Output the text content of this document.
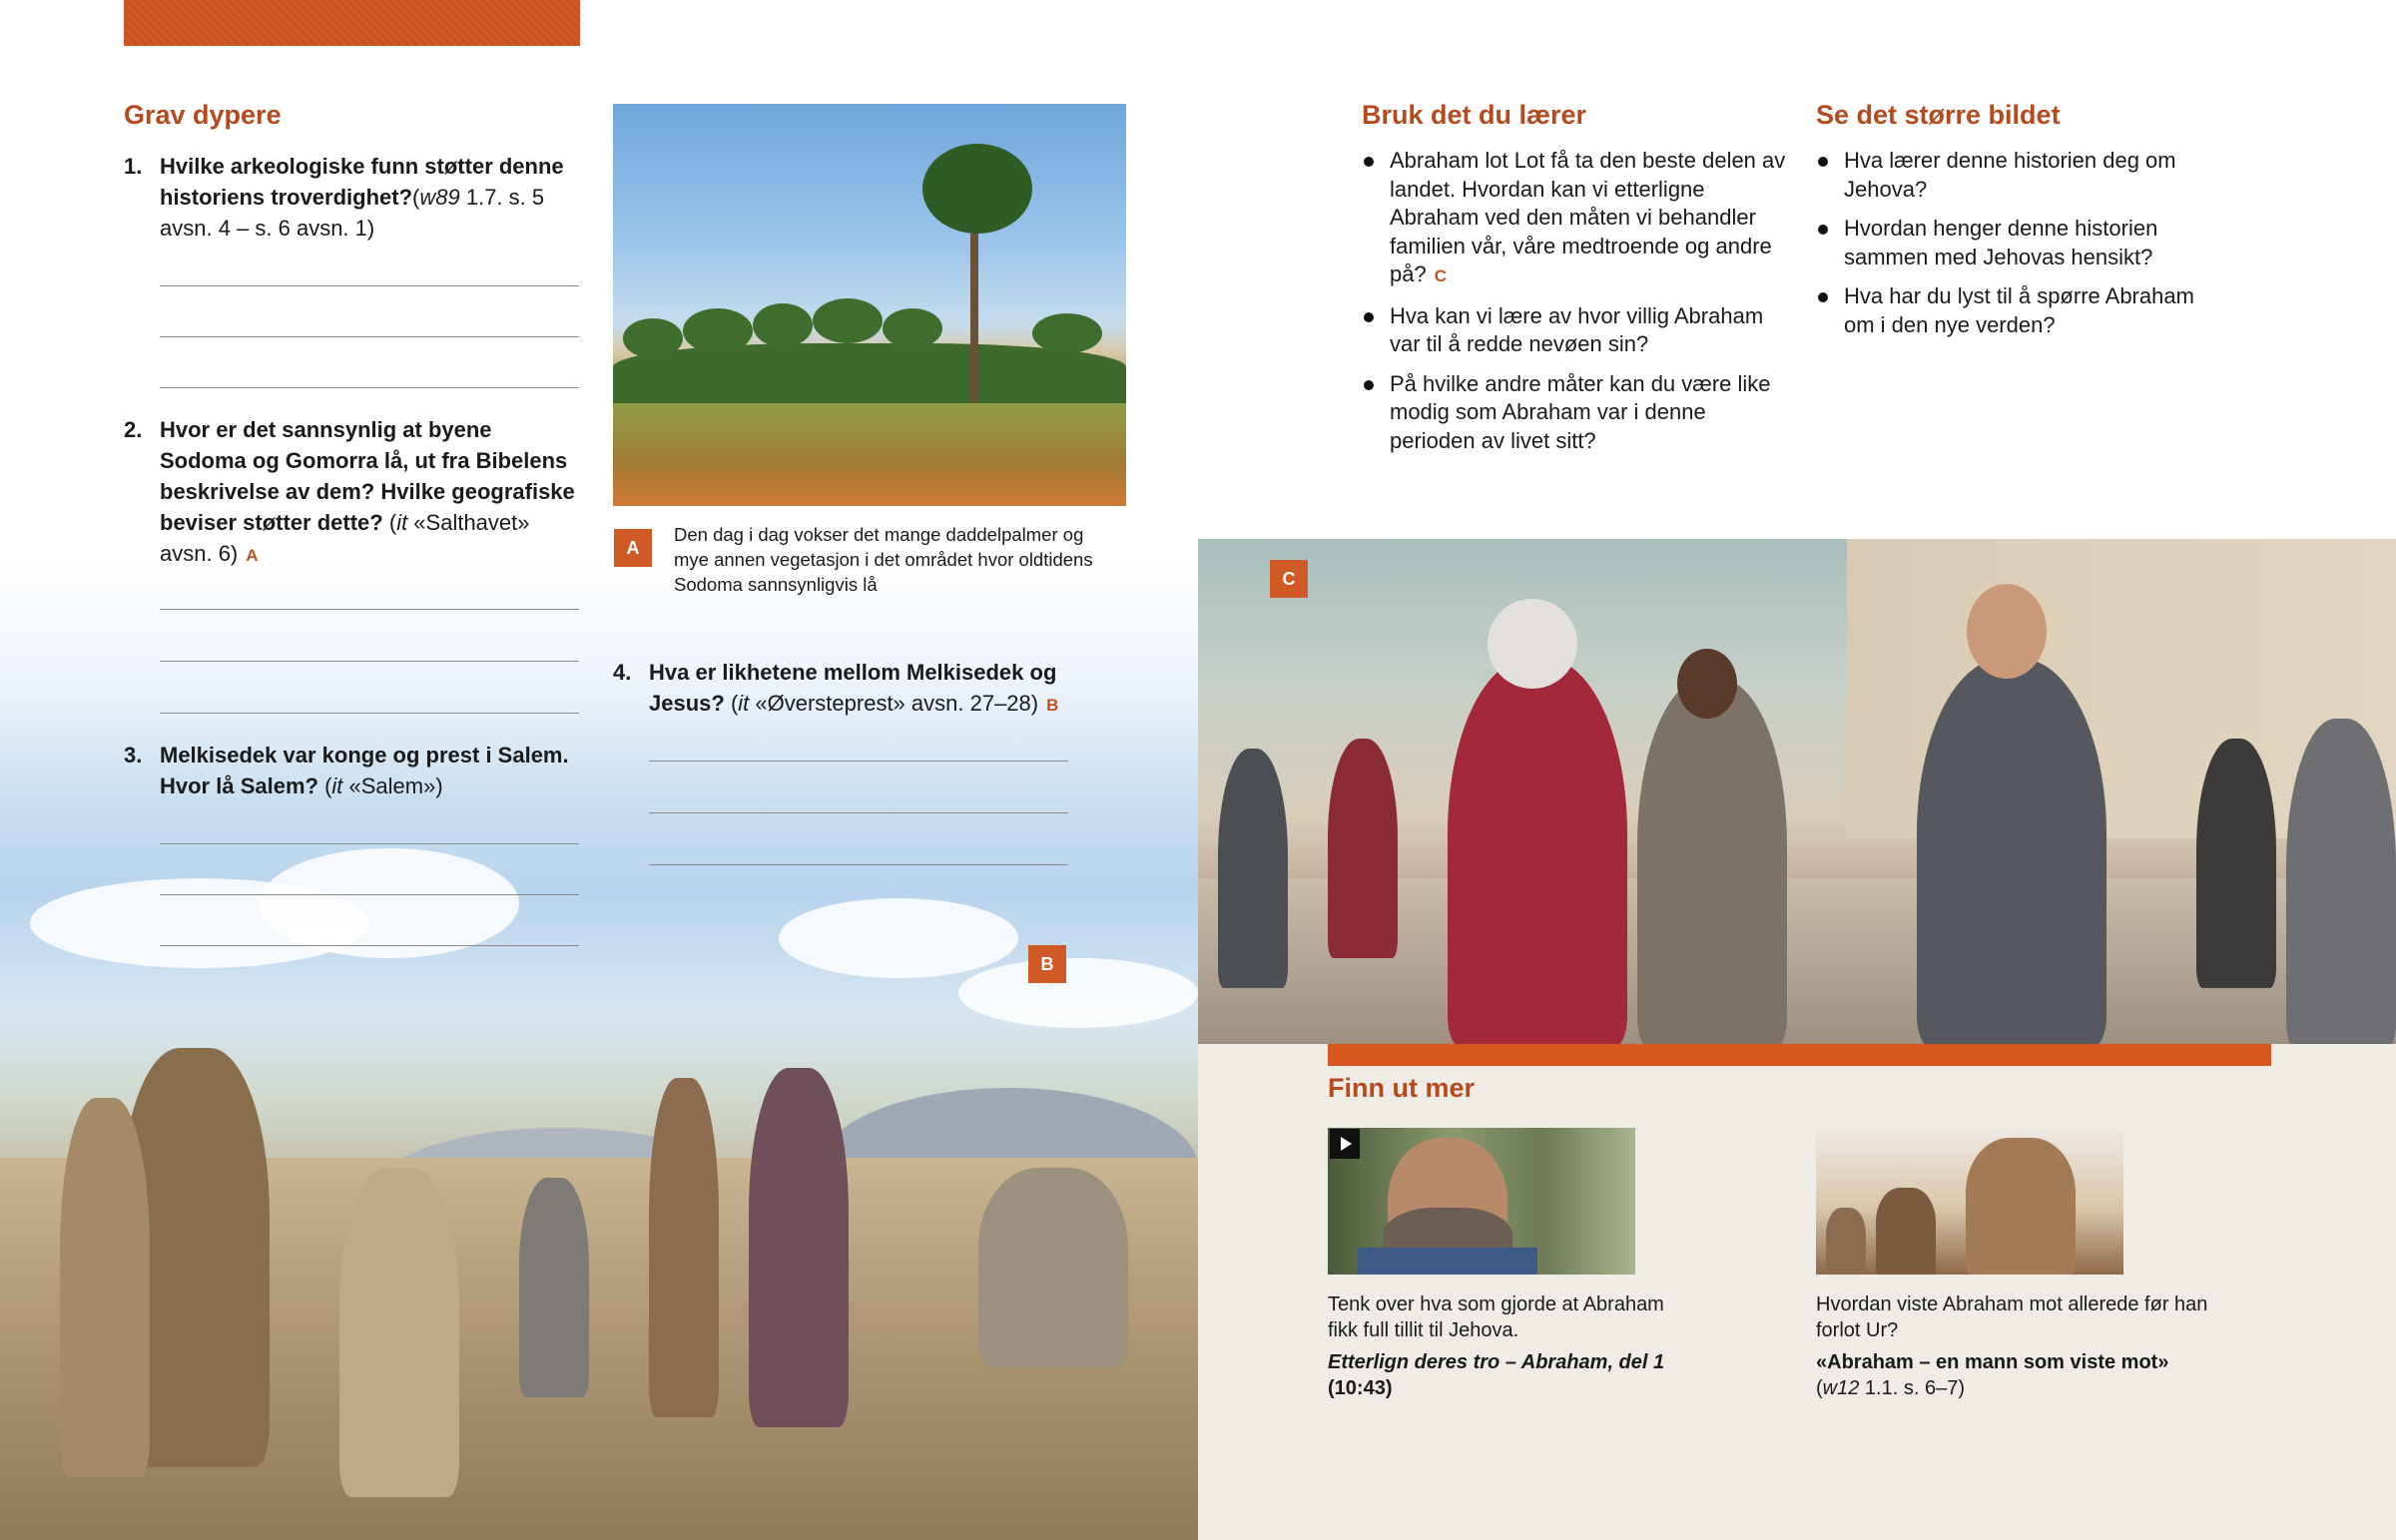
Grav dypere
1. Hvilke arkeologiske funn støtter denne historiens troverdighet?(w89 1.7. s. 5 avsn. 4 – s. 6 avsn. 1)
2. Hvor er det sannsynlig at byene Sodoma og Gomorra lå, ut fra Bibelens beskrivelse av dem? Hvilke geografiske beviser støtter dette? (it «Salthavet» avsn. 6) A
3. Melkisedek var konge og prest i Salem. Hvor lå Salem? (it «Salem»)
A
Den dag i dag vokser det mange daddelpalmer og mye annen vegetasjon i det området hvor oldtidens Sodoma sannsynligvis lå
4. Hva er likhetene mellom Melkisedek og Jesus? (it «Øversteprest» avsn. 27–28) B
B
Bruk det du lærer
Abraham lot Lot få ta den beste delen av landet. Hvordan kan vi etterligne Abraham ved den måten vi behandler familien vår, våre medtroende og andre på? C
Hva kan vi lære av hvor villig Abraham var til å redde nevøen sin?
På hvilke andre måter kan du være like modig som Abraham var i denne perioden av livet sitt?
Se det større bildet
Hva lærer denne historien deg om Jehova?
Hvordan henger denne historien sammen med Jehovas hensikt?
Hva har du lyst til å spørre Abraham om i den nye verden?
C
Finn ut mer
Tenk over hva som gjorde at Abraham fikk full tillit til Jehova.
Etterlign deres tro – Abraham, del 1 (10:43)
Hvordan viste Abraham mot allerede før han forlot Ur?
«Abraham – en mann som viste mot»
(w12 1.1. s. 6–7)
